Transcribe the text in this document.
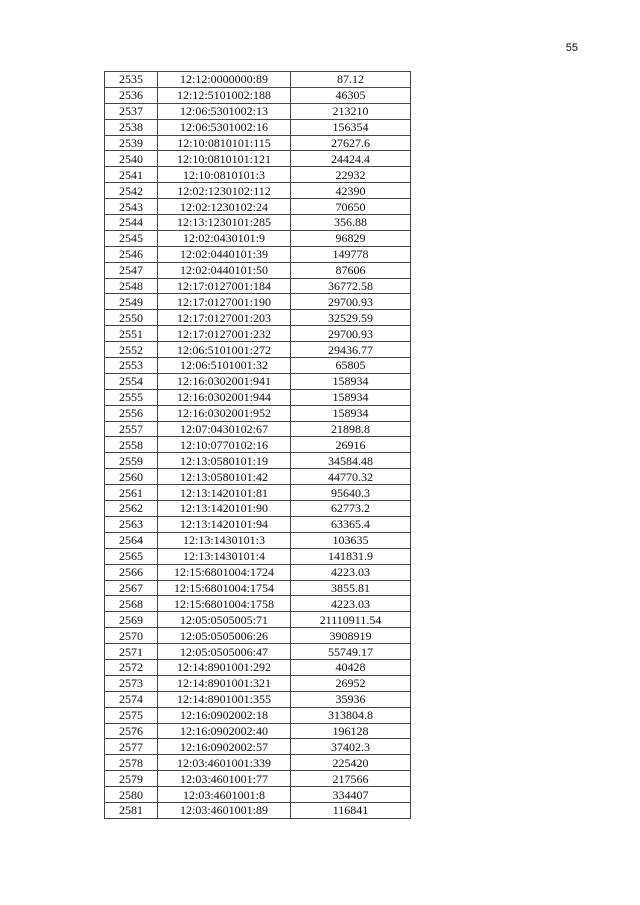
55
2535	12:12:0000000:89	87.12
2536	12:12:5101002:188	46305
2537	12:06:5301002:13	213210
2538	12:06:5301002:16	156354
2539	12:10:0810101:115	27627.6
2540	12:10:0810101:121	24424.4
2541	12:10:0810101:3	22932
2542	12:02:1230102:112	42390
2543	12:02:1230102:24	70650
2544	12:13:1230101:285	356.88
2545	12:02:0430101:9	96829
2546	12:02:0440101:39	149778
2547	12:02:0440101:50	87606
2548	12:17:0127001:184	36772.58
2549	12:17:0127001:190	29700.93
2550	12:17:0127001:203	32529.59
2551	12:17:0127001:232	29700.93
2552	12:06:5101001:272	29436.77
2553	12:06:5101001:32	65805
2554	12:16:0302001:941	158934
2555	12:16:0302001:944	158934
2556	12:16:0302001:952	158934
2557	12:07:0430102:67	21898.8
2558	12:10:0770102:16	26916
2559	12:13:0580101:19	34584.48
2560	12:13:0580101:42	44770.32
2561	12:13:1420101:81	95640.3
2562	12:13:1420101:90	62773.2
2563	12:13:1420101:94	63365.4
2564	12:13:1430101:3	103635
2565	12:13:1430101:4	141831.9
2566	12:15:6801004:1724	4223.03
2567	12:15:6801004:1754	3855.81
2568	12:15:6801004:1758	4223.03
2569	12:05:0505005:71	21110911.54
2570	12:05:0505006:26	3908919
2571	12:05:0505006:47	55749.17
2572	12:14:8901001:292	40428
2573	12:14:8901001:321	26952
2574	12:14:8901001:355	35936
2575	12:16:0902002:18	313804.8
2576	12:16:0902002:40	196128
2577	12:16:0902002:57	37402.3
2578	12:03:4601001:339	225420
2579	12:03:4601001:77	217566
2580	12:03:4601001:8	334407
2581	12:03:4601001:89	116841
